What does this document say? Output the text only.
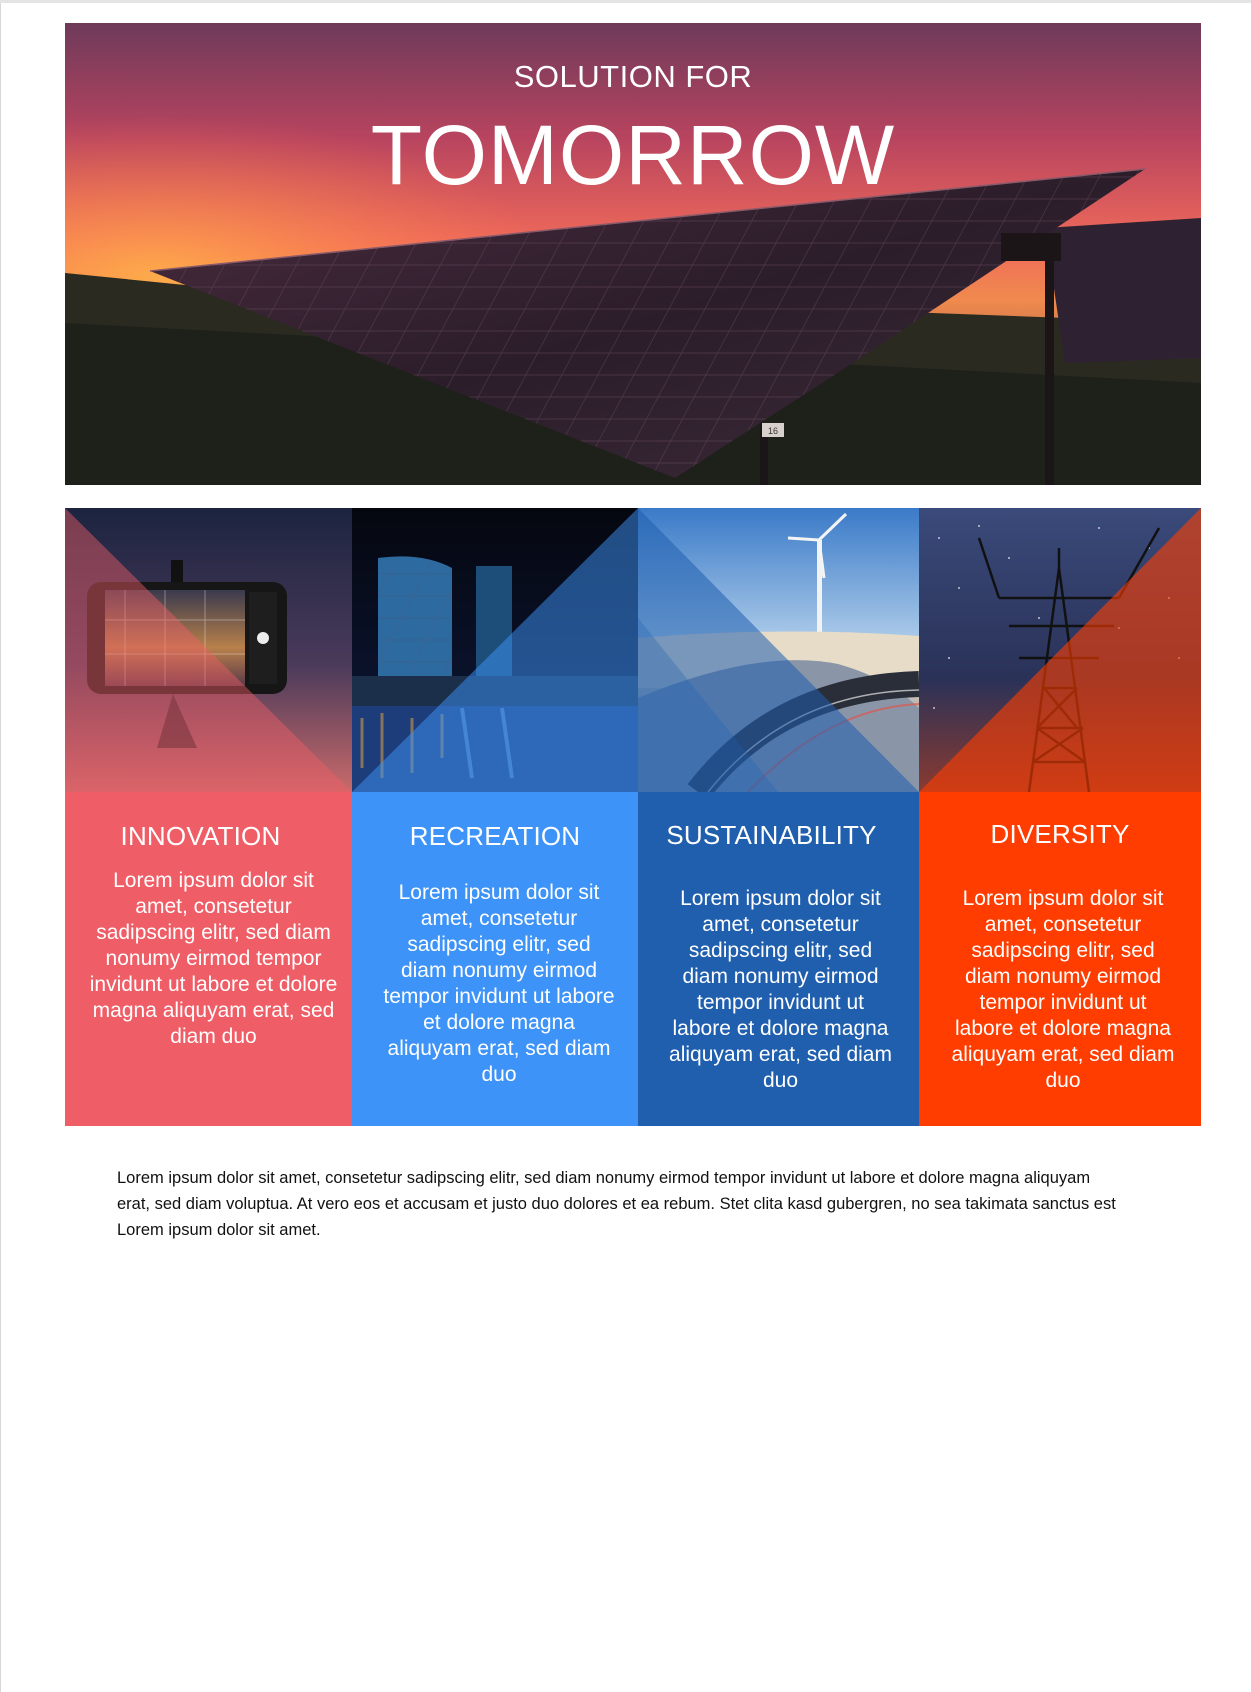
16
SOLUTION FOR
TOMORROW
INNOVATION
Lorem ipsum dolor sit amet, consetetur sadipscing elitr, sed diam nonumy eirmod tempor invidunt ut labore et dolore magna aliquyam erat, sed diam duo
RECREATION
Lorem ipsum dolor sit amet, consetetur sadipscing elitr, sed diam nonumy eirmod tempor invidunt ut labore et dolore magna aliquyam erat, sed diam duo
SUSTAINABILITY
Lorem ipsum dolor sit amet, consetetur sadipscing elitr, sed diam nonumy eirmod tempor invidunt ut labore et dolore magna aliquyam erat, sed diam duo
DIVERSITY
Lorem ipsum dolor sit amet, consetetur sadipscing elitr, sed diam nonumy eirmod tempor invidunt ut labore et dolore magna aliquyam erat, sed diam duo

Lorem ipsum dolor sit amet, consetetur sadipscing elitr, sed diam nonumy eirmod tempor invidunt ut labore et dolore magna aliquyam erat, sed diam voluptua. At vero eos et accusam et justo duo dolores et ea rebum. Stet clita kasd gubergren, no sea takimata sanctus est Lorem ipsum dolor sit amet.
